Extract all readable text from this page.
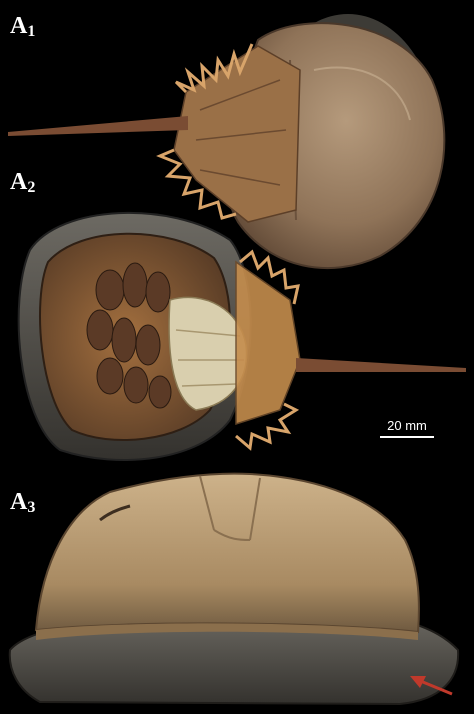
$A_1$
$A_2$
$A_3$
20 mm
